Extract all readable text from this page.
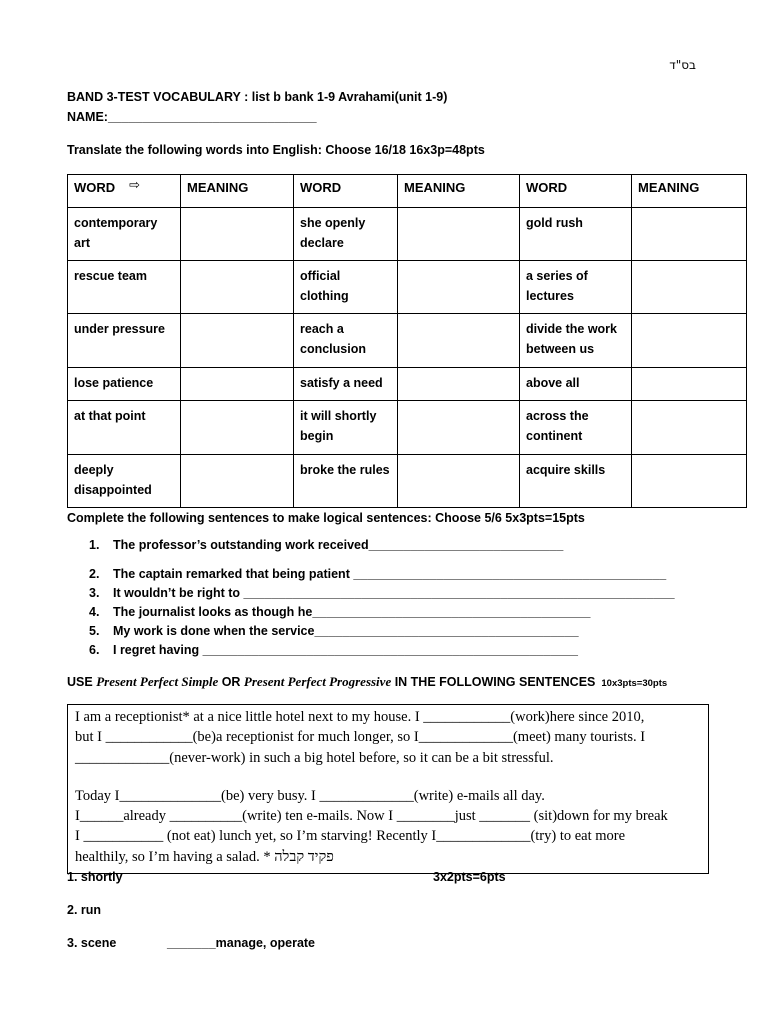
בס"ד
BAND 3-TEST VOCABULARY : list b bank 1-9 Avrahami(unit 1-9)
NAME:______________________________
Translate the following words into English: Choose 16/18 16x3p=48pts
WORD ⇨	MEANING	WORD	MEANING	WORD	MEANING
contemporary art		she openly declare		gold rush	
rescue team		official clothing		a series of lectures	
under pressure		reach a conclusion		divide the work between us	
lose patience		satisfy a need		above all	
at that point		it will shortly begin		across the continent	
deeply disappointed		broke the rules		acquire skills	
Complete the following sentences to make logical sentences: Choose 5/6 5x3pts=15pts
1. The professor’s outstanding work received____________________________
2. The captain remarked that being patient _____________________________________________
3. It wouldn’t be right to ______________________________________________________________
4. The journalist looks as though he________________________________________
5. My work is done when the service______________________________________
6. I regret having ______________________________________________________
USE Present Perfect Simple OR Present Perfect Progressive IN THE FOLLOWING SENTENCES 10x3pts=30pts
I am a receptionist* at a nice little hotel next to my house. I ____________(work)here since 2010,
but I ____________(be)a receptionist for much longer, so I_____________(meet) many tourists. I
_____________(never-work) in such a big hotel before, so it can be a bit stressful.
Today I______________(be) very busy. I _____________(write) e-mails all day.
I______already __________(write) ten e-mails. Now I ________just _______ (sit)down for my break
I ___________ (not eat) lunch yet, so I’m starving! Recently I_____________(try) to eat more
healthily, so I’m having a salad. * פקיד קבלה
1. shortly	3x2pts=6pts
2. run
3. scene	_______manage, operate
